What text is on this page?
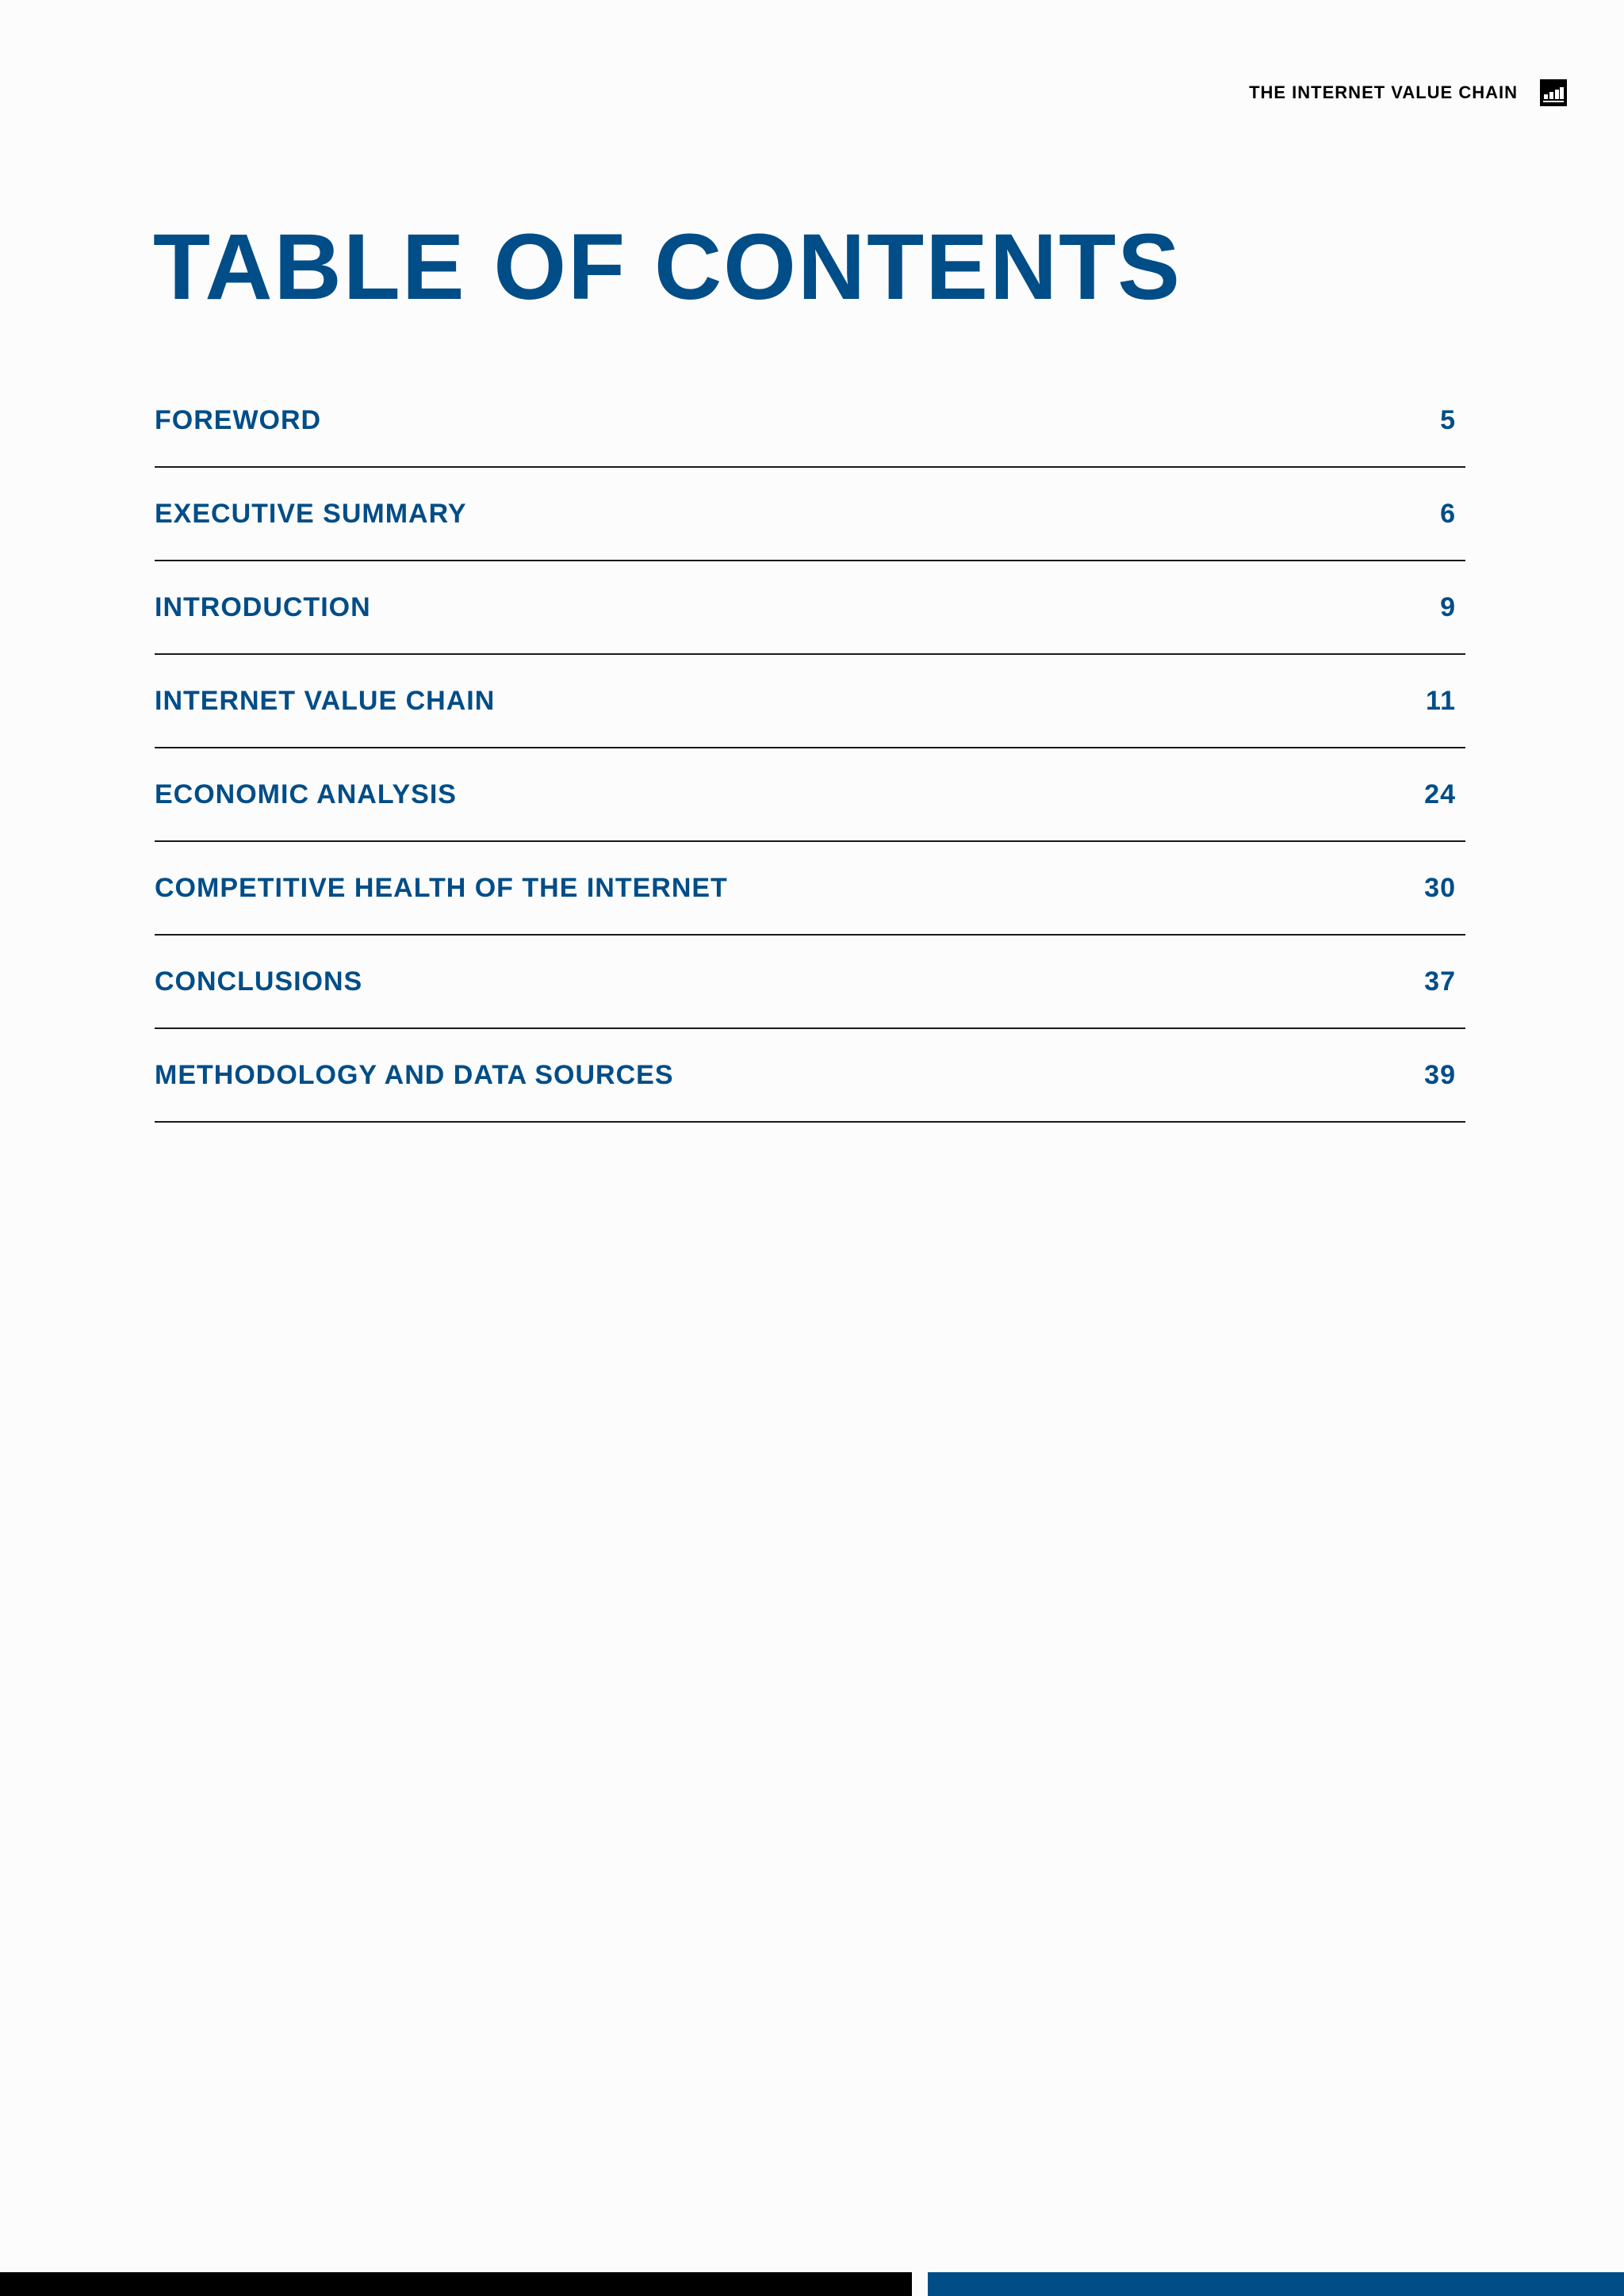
THE INTERNET VALUE CHAIN
TABLE OF CONTENTS
FOREWORD	5
EXECUTIVE SUMMARY	6
INTRODUCTION	9
INTERNET VALUE CHAIN	11
ECONOMIC ANALYSIS	24
COMPETITIVE HEALTH OF THE INTERNET	30
CONCLUSIONS	37
METHODOLOGY AND DATA SOURCES	39
